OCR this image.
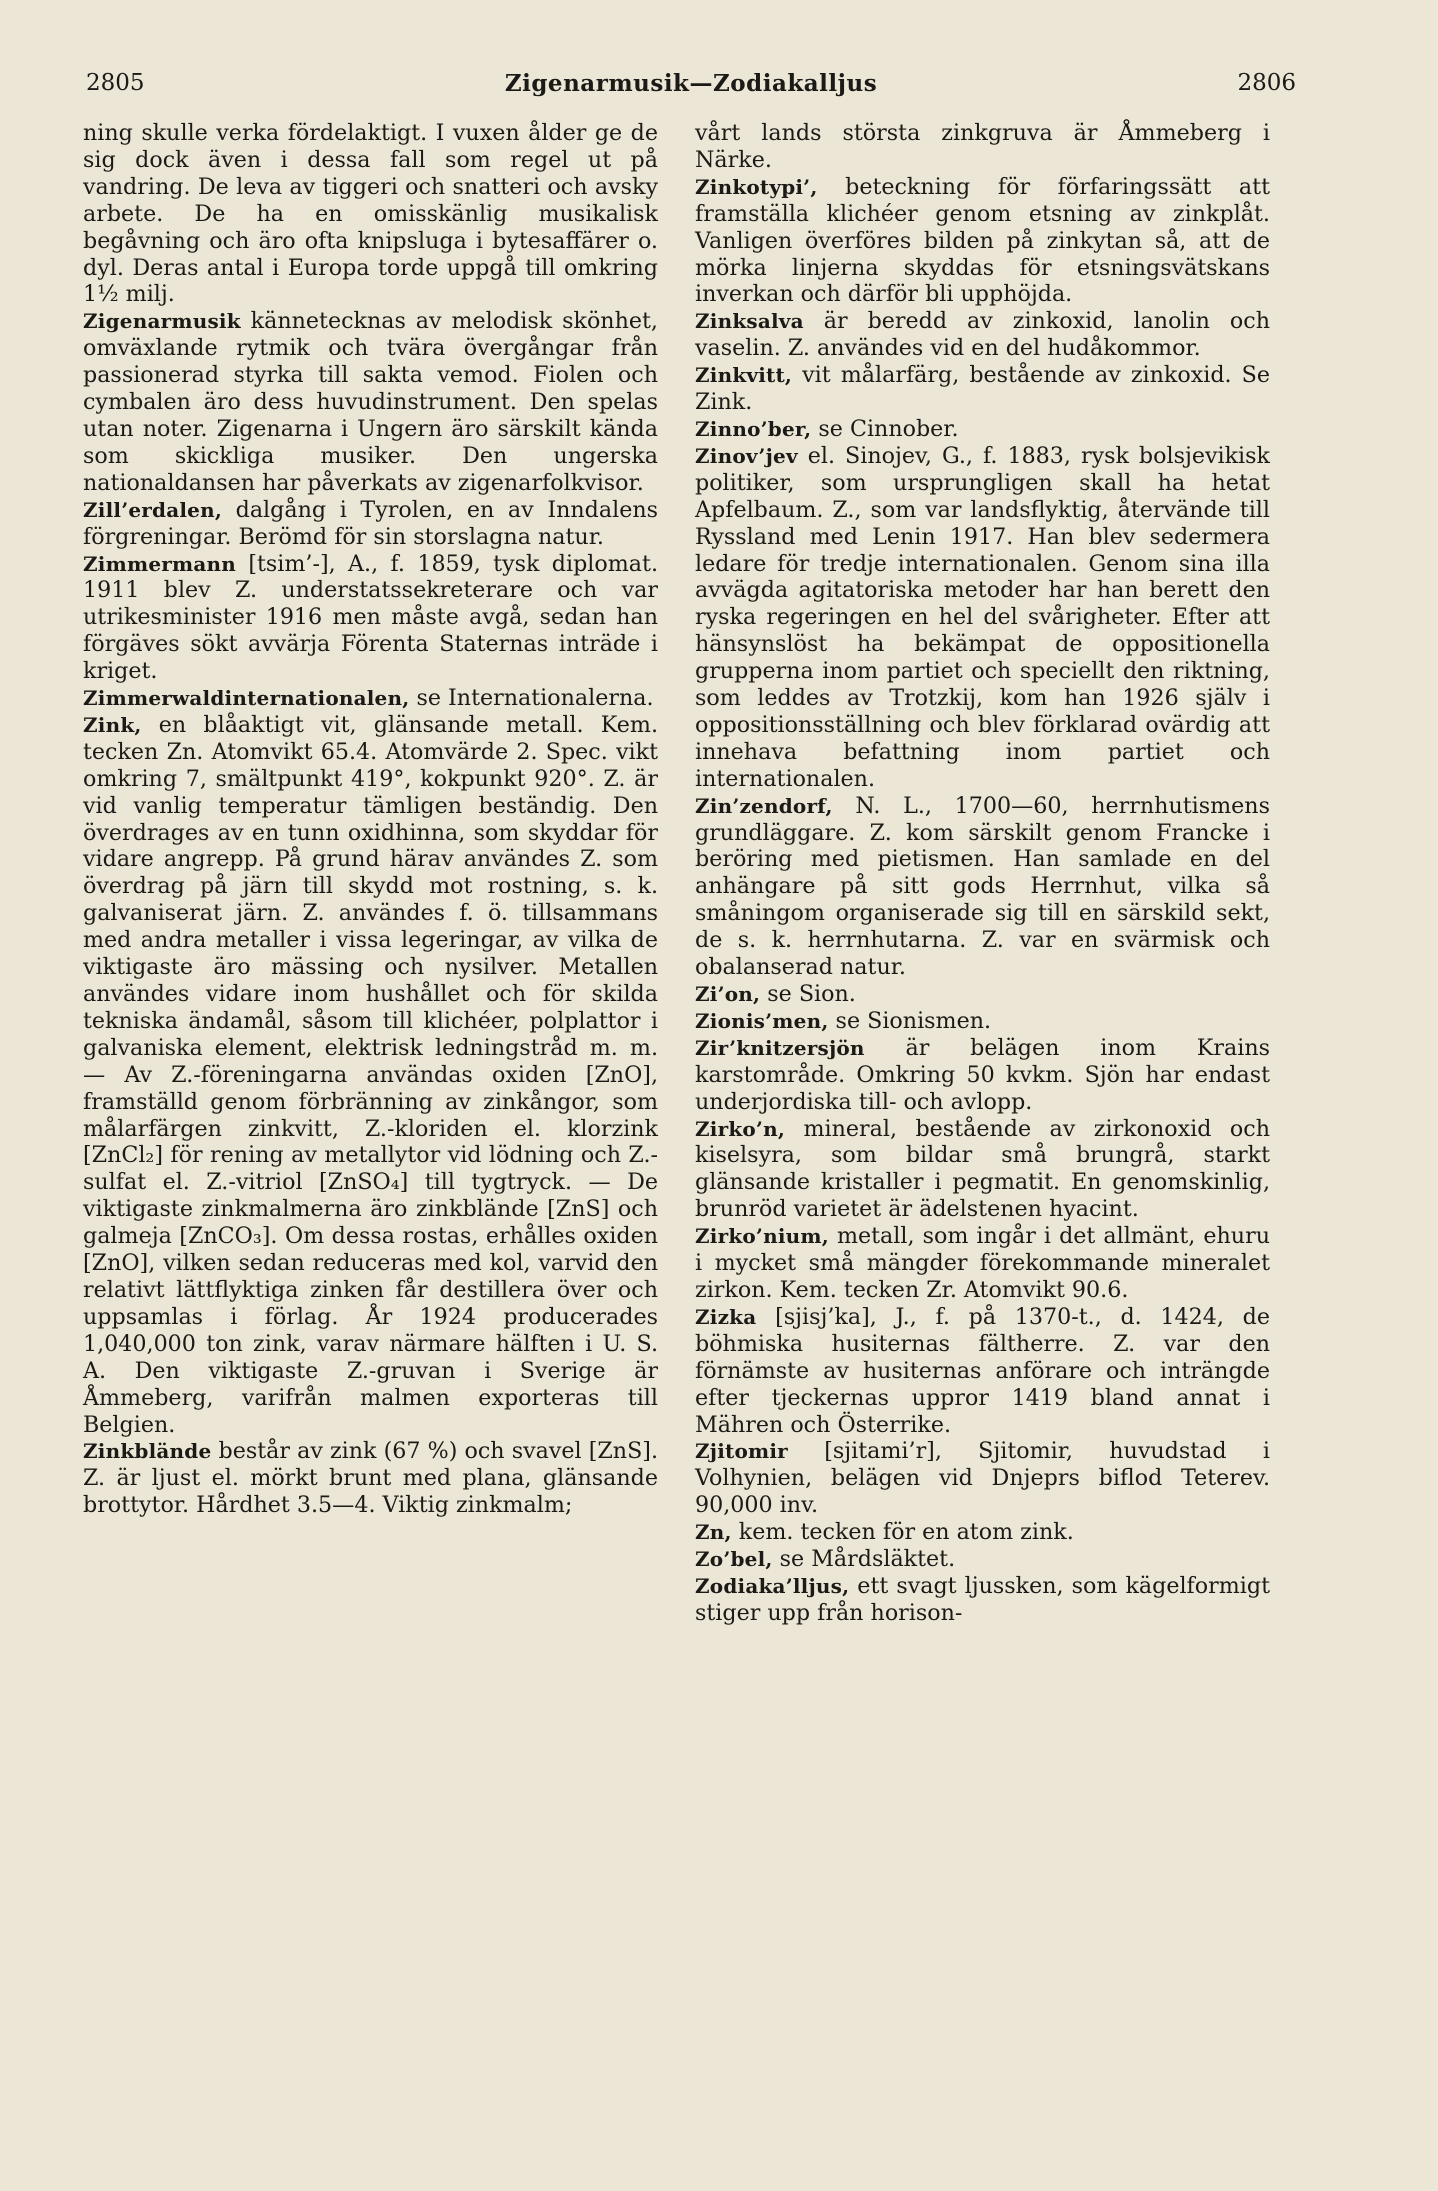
2805	Zigenarmusik—Zodiakalljus	2806

ning skulle verka fördelaktigt. I vuxen ålder ge de sig dock även i dessa fall som regel ut på vandring. De leva av tiggeri och snatteri och avsky arbete. De ha en omisskänlig musikalisk begåvning och äro ofta knipsluga i bytesaffärer o. dyl. Deras antal i Europa torde uppgå till omkring 1½ milj.

Zigenarmusik kännetecknas av melodisk skönhet, omväxlande rytmik och tvära övergångar från passionerad styrka till sakta vemod. Fiolen och cymbalen äro dess huvudinstrument. Den spelas utan noter. Zigenarna i Ungern äro särskilt kända som skickliga musiker. Den ungerska nationaldansen har påverkats av zigenarfolkvisor.

Zill’erdalen, dalgång i Tyrolen, en av Inndalens förgreningar. Berömd för sin storslagna natur.

Zimmermann [tsim’-], A., f. 1859, tysk diplomat. 1911 blev Z. understatssekreterare och var utrikesminister 1916 men måste avgå, sedan han förgäves sökt avvärja Förenta Staternas inträde i kriget.

Zimmerwaldinternationalen, se Internationalerna.

Zink, en blåaktigt vit, glänsande metall. Kem. tecken Zn. Atomvikt 65.4. Atomvärde 2. Spec. vikt omkring 7, smältpunkt 419°, kokpunkt 920°. Z. är vid vanlig temperatur tämligen beständig. Den överdrages av en tunn oxidhinna, som skyddar för vidare angrepp. På grund härav användes Z. som överdrag på järn till skydd mot rostning, s. k. galvaniserat järn. Z. användes f. ö. tillsammans med andra metaller i vissa legeringar, av vilka de viktigaste äro mässing och nysilver. Metallen användes vidare inom hushållet och för skilda tekniska ändamål, såsom till klichéer, polplattor i galvaniska element, elektrisk ledningstråd m. m. — Av Z.-föreningarna användas oxiden [ZnO], framställd genom förbränning av zinkångor, som målarfärgen zinkvitt, Z.-kloriden el. klorzink [ZnCl₂] för rening av metallytor vid lödning och Z.-sulfat el. Z.-vitriol [ZnSO₄] till tygtryck. — De viktigaste zinkmalmerna äro zinkblände [ZnS] och galmeja [ZnCO₃]. Om dessa rostas, erhålles oxiden [ZnO], vilken sedan reduceras med kol, varvid den relativt lättflyktiga zinken får destillera över och uppsamlas i förlag. År 1924 producerades 1,040,000 ton zink, varav närmare hälften i U. S. A. Den viktigaste Z.-gruvan i Sverige är Åmmeberg, varifrån malmen exporteras till Belgien.

Zinkblände består av zink (67 %) och svavel [ZnS]. Z. är ljust el. mörkt brunt med plana, glänsande brottytor. Hårdhet 3.5—4. Viktig zinkmalm;

vårt lands största zinkgruva är Åmmeberg i Närke.

Zinkotypi’, beteckning för förfaringssätt att framställa klichéer genom etsning av zinkplåt. Vanligen överföres bilden på zinkytan så, att de mörka linjerna skyddas för etsningsvätskans inverkan och därför bli upphöjda.

Zinksalva är beredd av zinkoxid, lanolin och vaselin. Z. användes vid en del hudåkommor.

Zinkvitt, vit målarfärg, bestående av zinkoxid. Se Zink.

Zinno’ber, se Cinnober.

Zinov’jev el. Sinojev, G., f. 1883, rysk bolsjevikisk politiker, som ursprungligen skall ha hetat Apfelbaum. Z., som var landsflyktig, återvände till Ryssland med Lenin 1917. Han blev sedermera ledare för tredje internationalen. Genom sina illa avvägda agitatoriska metoder har han berett den ryska regeringen en hel del svårigheter. Efter att hänsynslöst ha bekämpat de oppositionella grupperna inom partiet och speciellt den riktning, som leddes av Trotzkij, kom han 1926 själv i oppositionsställning och blev förklarad ovärdig att innehava befattning inom partiet och internationalen.

Zin’zendorf, N. L., 1700—60, herrnhutismens grundläggare. Z. kom särskilt genom Francke i beröring med pietismen. Han samlade en del anhängare på sitt gods Herrnhut, vilka så småningom organiserade sig till en särskild sekt, de s. k. herrnhutarna. Z. var en svärmisk och obalanserad natur.

Zi’on, se Sion.

Zionis’men, se Sionismen.

Zir’knitzersjön är belägen inom Krains karstområde. Omkring 50 kvkm. Sjön har endast underjordiska till- och avlopp.

Zirko’n, mineral, bestående av zirkonoxid och kiselsyra, som bildar små brungrå, starkt glänsande kristaller i pegmatit. En genomskinlig, brunröd varietet är ädelstenen hyacint.

Zirko’nium, metall, som ingår i det allmänt, ehuru i mycket små mängder förekommande mineralet zirkon. Kem. tecken Zr. Atomvikt 90.6.

Zizka [sjisj’ka], J., f. på 1370-t., d. 1424, de böhmiska husiternas fältherre. Z. var den förnämste av husiternas anförare och inträngde efter tjeckernas uppror 1419 bland annat i Mähren och Österrike.

Zjitomir [sjitami’r], Sjitomir, huvudstad i Volhynien, belägen vid Dnjeprs biflod Teterev. 90,000 inv.

Zn, kem. tecken för en atom zink.

Zo’bel, se Mårdsläktet.

Zodiaka’lljus, ett svagt ljussken, som kägelformigt stiger upp från horison-
